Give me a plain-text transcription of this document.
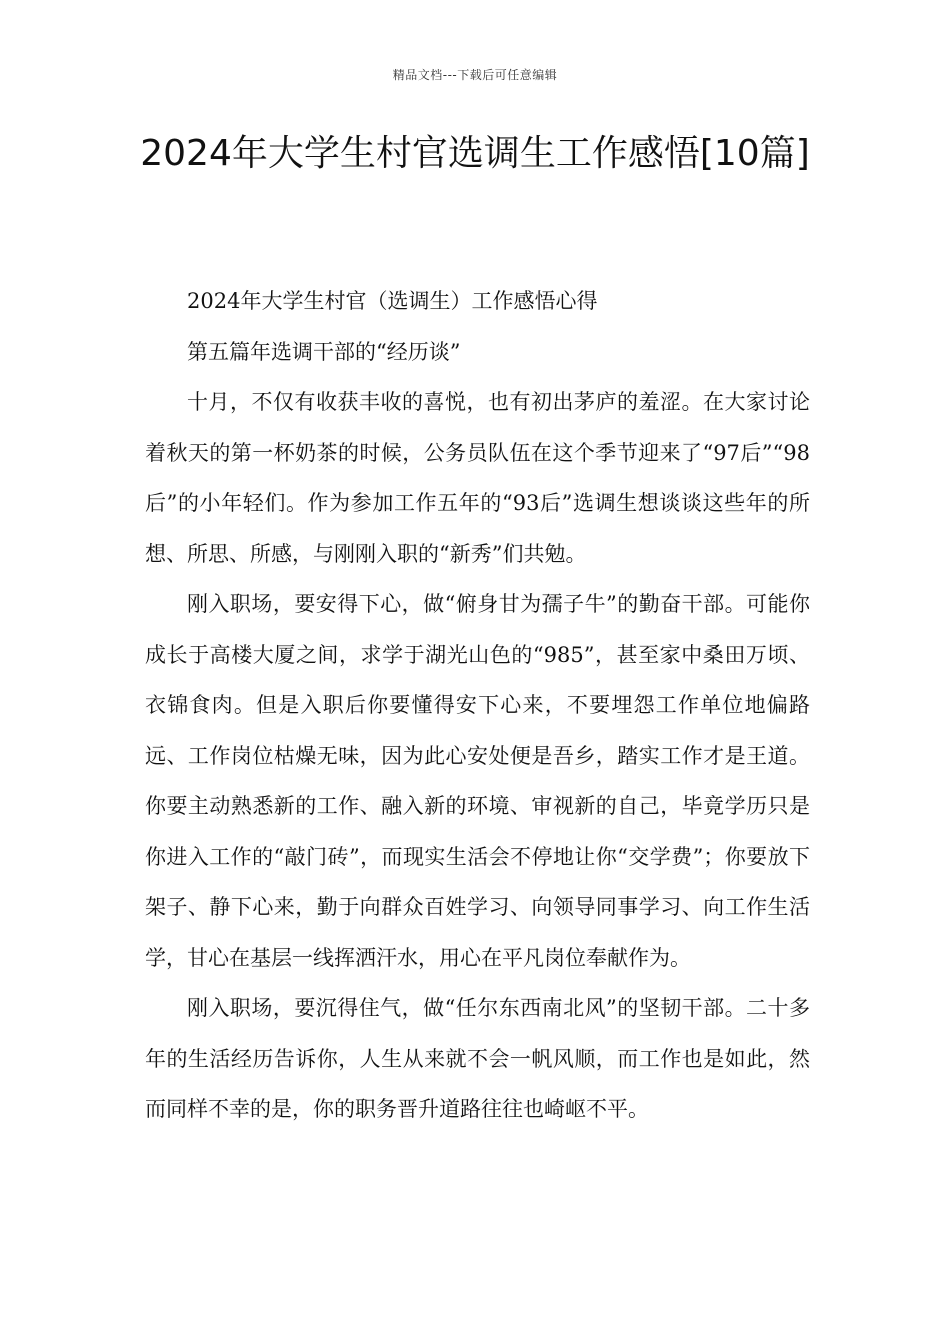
精品文档---下载后可任意编辑
2024年大学生村官选调生工作感悟[10篇]

2024年大学生村官（选调生）工作感悟心得

第五篇年选调干部的“经历谈”

十月，不仅有收获丰收的喜悦，也有初出茅庐的羞涩。在大家讨论着秋天的第一杯奶茶的时候，公务员队伍在这个季节迎来了“97后”“98后”的小年轻们。作为参加工作五年的“93后”选调生想谈谈这些年的所想、所思、所感，与刚刚入职的“新秀”们共勉。

刚入职场，要安得下心，做“俯身甘为孺子牛”的勤奋干部。可能你成长于高楼大厦之间，求学于湖光山色的“985”，甚至家中桑田万顷、衣锦食肉。但是入职后你要懂得安下心来，不要埋怨工作单位地偏路远、工作岗位枯燥无味，因为此心安处便是吾乡，踏实工作才是王道。你要主动熟悉新的工作、融入新的环境、审视新的自己，毕竟学历只是你进入工作的“敲门砖”，而现实生活会不停地让你“交学费”；你要放下架子、静下心来，勤于向群众百姓学习、向领导同事学习、向工作生活学，甘心在基层一线挥洒汗水，用心在平凡岗位奉献作为。

刚入职场，要沉得住气，做“任尔东西南北风”的坚韧干部。二十多年的生活经历告诉你，人生从来就不会一帆风顺，而工作也是如此，然而同样不幸的是，你的职务晋升道路往往也崎岖不平。
